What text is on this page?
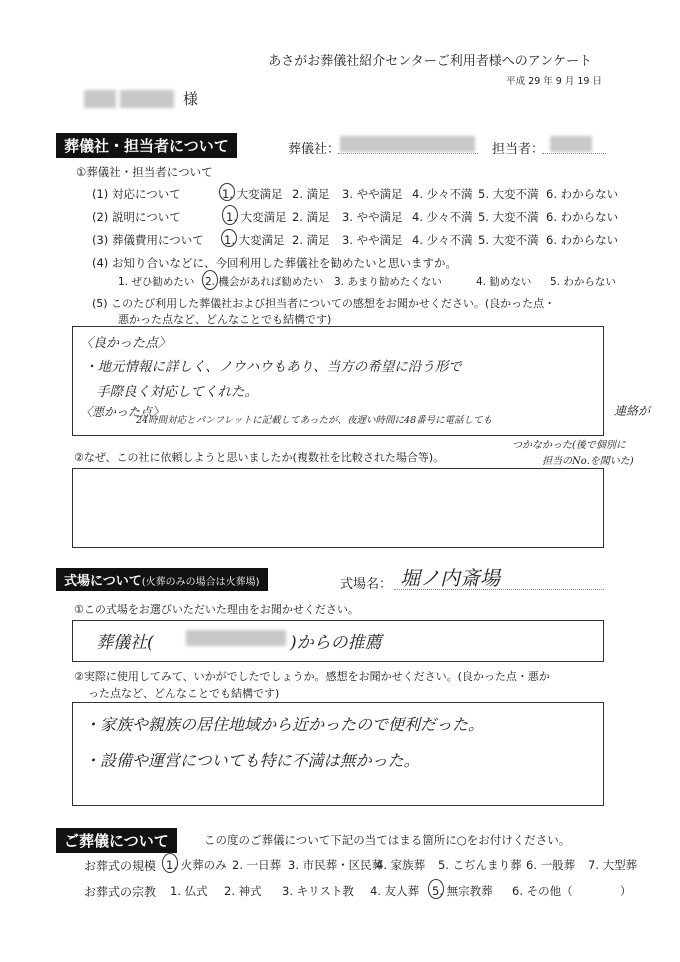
あさがお葬儀社紹介センターご利用者様へのアンケート
平成 29 年 9 月 19 日
様
葬儀社・担当者について	葬儀社：	担当者：
①葬儀社・担当者について
(1) 対応について	1. 大変満足 2. 満足 3. やや満足 4. 少々不満 5. 大変不満 6. わからない
(2) 説明について	1. 大変満足 2. 満足 3. やや満足 4. 少々不満 5. 大変不満 6. わからない
(3) 葬儀費用について 1. 大変満足 2. 満足 3. やや満足 4. 少々不満 5. 大変不満 6. わからない
(4) お知り合いなどに、今回利用した葬儀社を勧めたいと思いますか。
1. ぜひ勧めたい 2. 機会があれば勧めたい 3. あまり勧めたくない	4. 勧めない 5. わからない
(5) このたび利用した葬儀社および担当者についての感想をお聞かせください。(良かった点・
悪かった点など、どんなことでも結構です)
〈良かった点〉
・地元情報に詳しく、ノウハウもあり、当方の希望に沿う形で
手際良く対応してくれた。
〈悪かった点〉
24時間対応とパンフレットに記載してあったが、夜遅い時間に48番号に電話しても
連絡が
つかなかった(後で個別に
担当のNo.を聞いた)
②なぜ、この社に依頼しようと思いましたか(複数社を比較された場合等)。
式場について(火葬のみの場合は火葬場)	式場名： 堀ノ内斎場
①この式場をお選びいただいた理由をお聞かせください。
葬儀社(	)からの推薦
②実際に使用してみて、いかがでしたでしょうか。感想をお聞かせください。(良かった点・悪か
った点など、どんなことでも結構です)
・家族や親族の居住地域から近かったので便利だった。
・設備や運営についても特に不満は無かった。
ご葬儀について	この度のご葬儀について下記の当てはまる箇所に○をお付けください。
お葬式の規模 1. 火葬のみ 2. 一日葬 3. 市民葬・区民葬
4. 家族葬 5. こぢんまり葬 6. 一般葬 7. 大型葬
お葬式の宗教 1. 仏式 2. 神式 3. キリスト教 4. 友人葬 5. 無宗教葬 6. その他（	）
